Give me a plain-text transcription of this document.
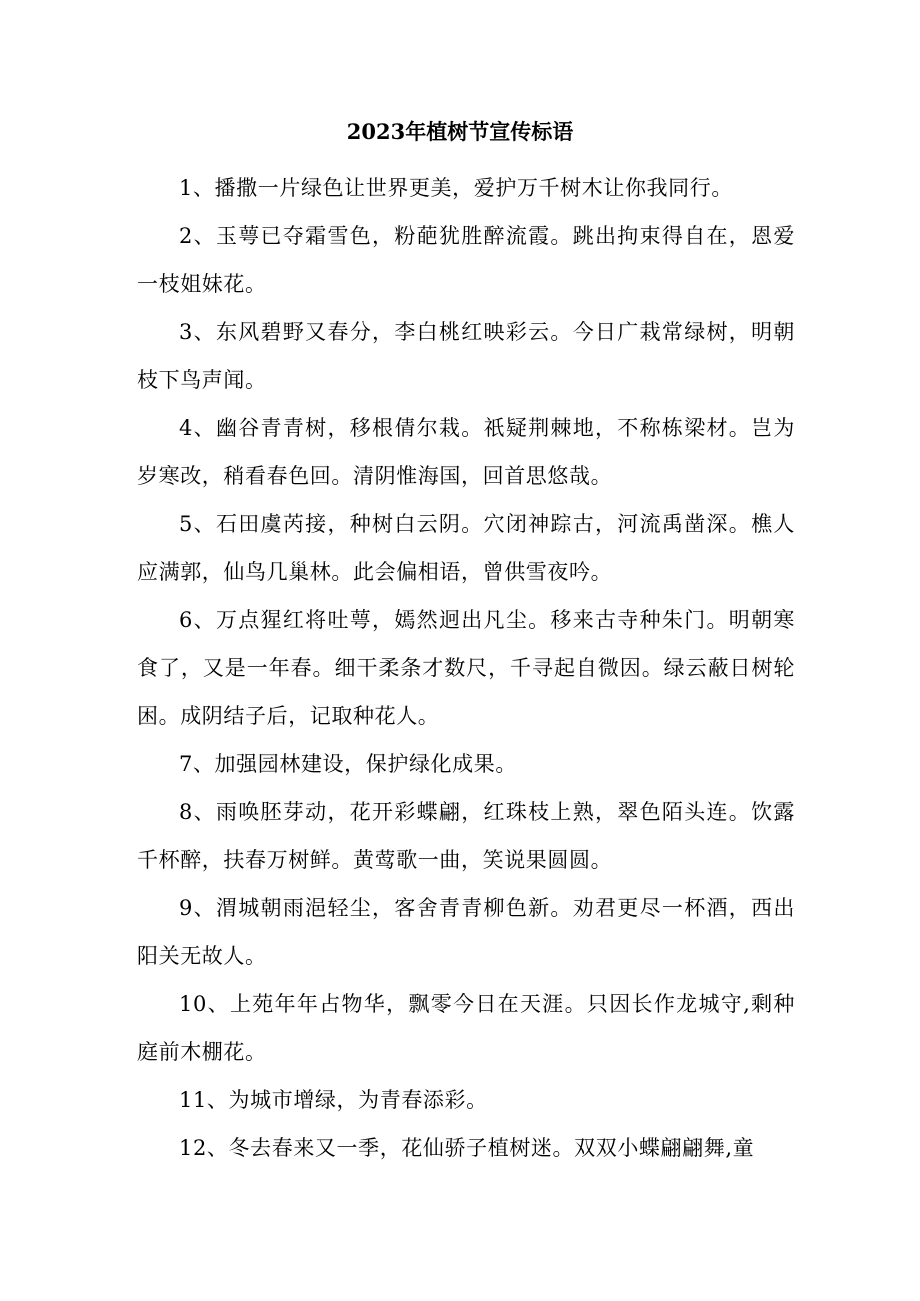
2023年植树节宣传标语

1、播撒一片绿色让世界更美，爱护万千树木让你我同行。

2、玉萼已夺霜雪色，粉葩犹胜醉流霞。跳出拘束得自在，恩爱一枝姐妹花。

3、东风碧野又春分，李白桃红映彩云。今日广栽常绿树，明朝枝下鸟声闻。

4、幽谷青青树，移根倩尔栽。祇疑荆棘地，不称栋梁材。岂为岁寒改，稍看春色回。清阴惟海国，回首思悠哉。

5、石田虞芮接，种树白云阴。穴闭神踪古，河流禹凿深。樵人应满郭，仙鸟几巢林。此会偏相语，曾供雪夜吟。

6、万点猩红将吐萼，嫣然迥出凡尘。移来古寺种朱门。明朝寒食了，又是一年春。细干柔条才数尺，千寻起自微因。绿云蔽日树轮困。成阴结子后，记取种花人。

7、加强园林建设，保护绿化成果。

8、雨唤胚芽动，花开彩蝶翩，红珠枝上熟，翠色陌头连。饮露千杯醉，扶春万树鲜。黄莺歌一曲，笑说果圆圆。

9、渭城朝雨浥轻尘，客舍青青柳色新。劝君更尽一杯酒，西出阳关无故人。

10、上苑年年占物华，飘零今日在天涯。只因长作龙城守,剩种庭前木棚花。

11、为城市增绿，为青春添彩。

12、冬去春来又一季，花仙骄子植树迷。双双小蝶翩翩舞,童
